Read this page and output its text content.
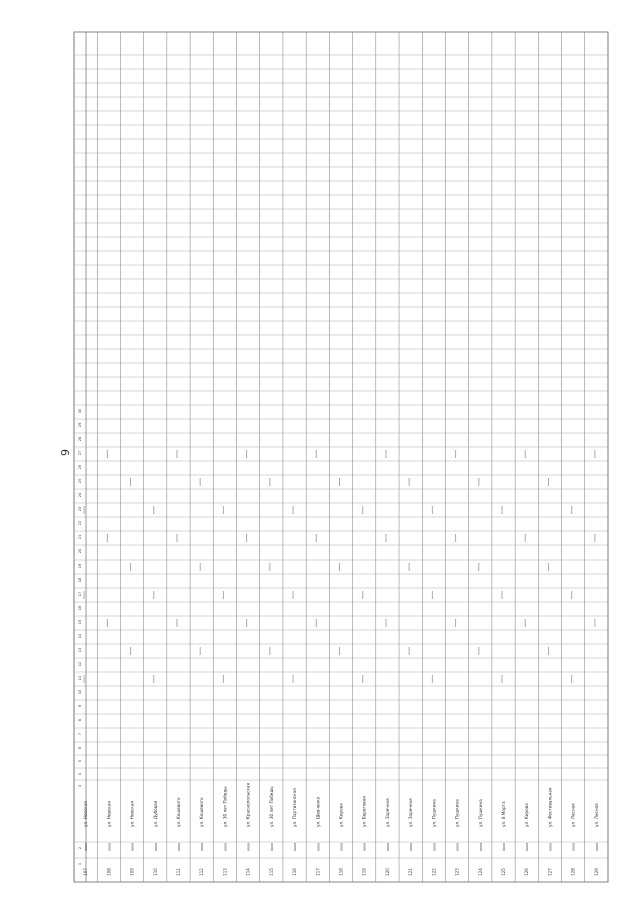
9
107
xxxx
ул. Невская
108
xxxx
ул. Невская
109
xxxx
ул. Невская
110
xxxx
ул. Дубовая
111
xxxx
ул. Кошевого
112
xxxx
ул. Кошевого
113
xxxx
ул. 30 лет Победы
114
xxxx
ул. Краснопольская
115
xxxx
ул. 30 лет Победы
116
xxxx
ул. Партизанская
117
xxxx
ул. Шевченко
118
xxxx
ул. Кирова
119
xxxx
ул. Береговая
120
xxxx
ул. Заречная
121
xxxx
ул. Заречная
122
xxxx
ул. Пушкина
123
xxxx
ул. Пушкина
124
xxxx
ул. Пушкина
125
xxxx
ул. 8 Марта
126
xxxx
ул. Кирова
127
xxxx
ул. Фестивальная
128
xxxx
ул. Лесная
129
xxxx
ул. Лесная
1
2
3
4
5
6
7
8
9
10
11
12
13
14
15
16
17
18
19
20
21
22
23
24
25
26
27
28
29
30
